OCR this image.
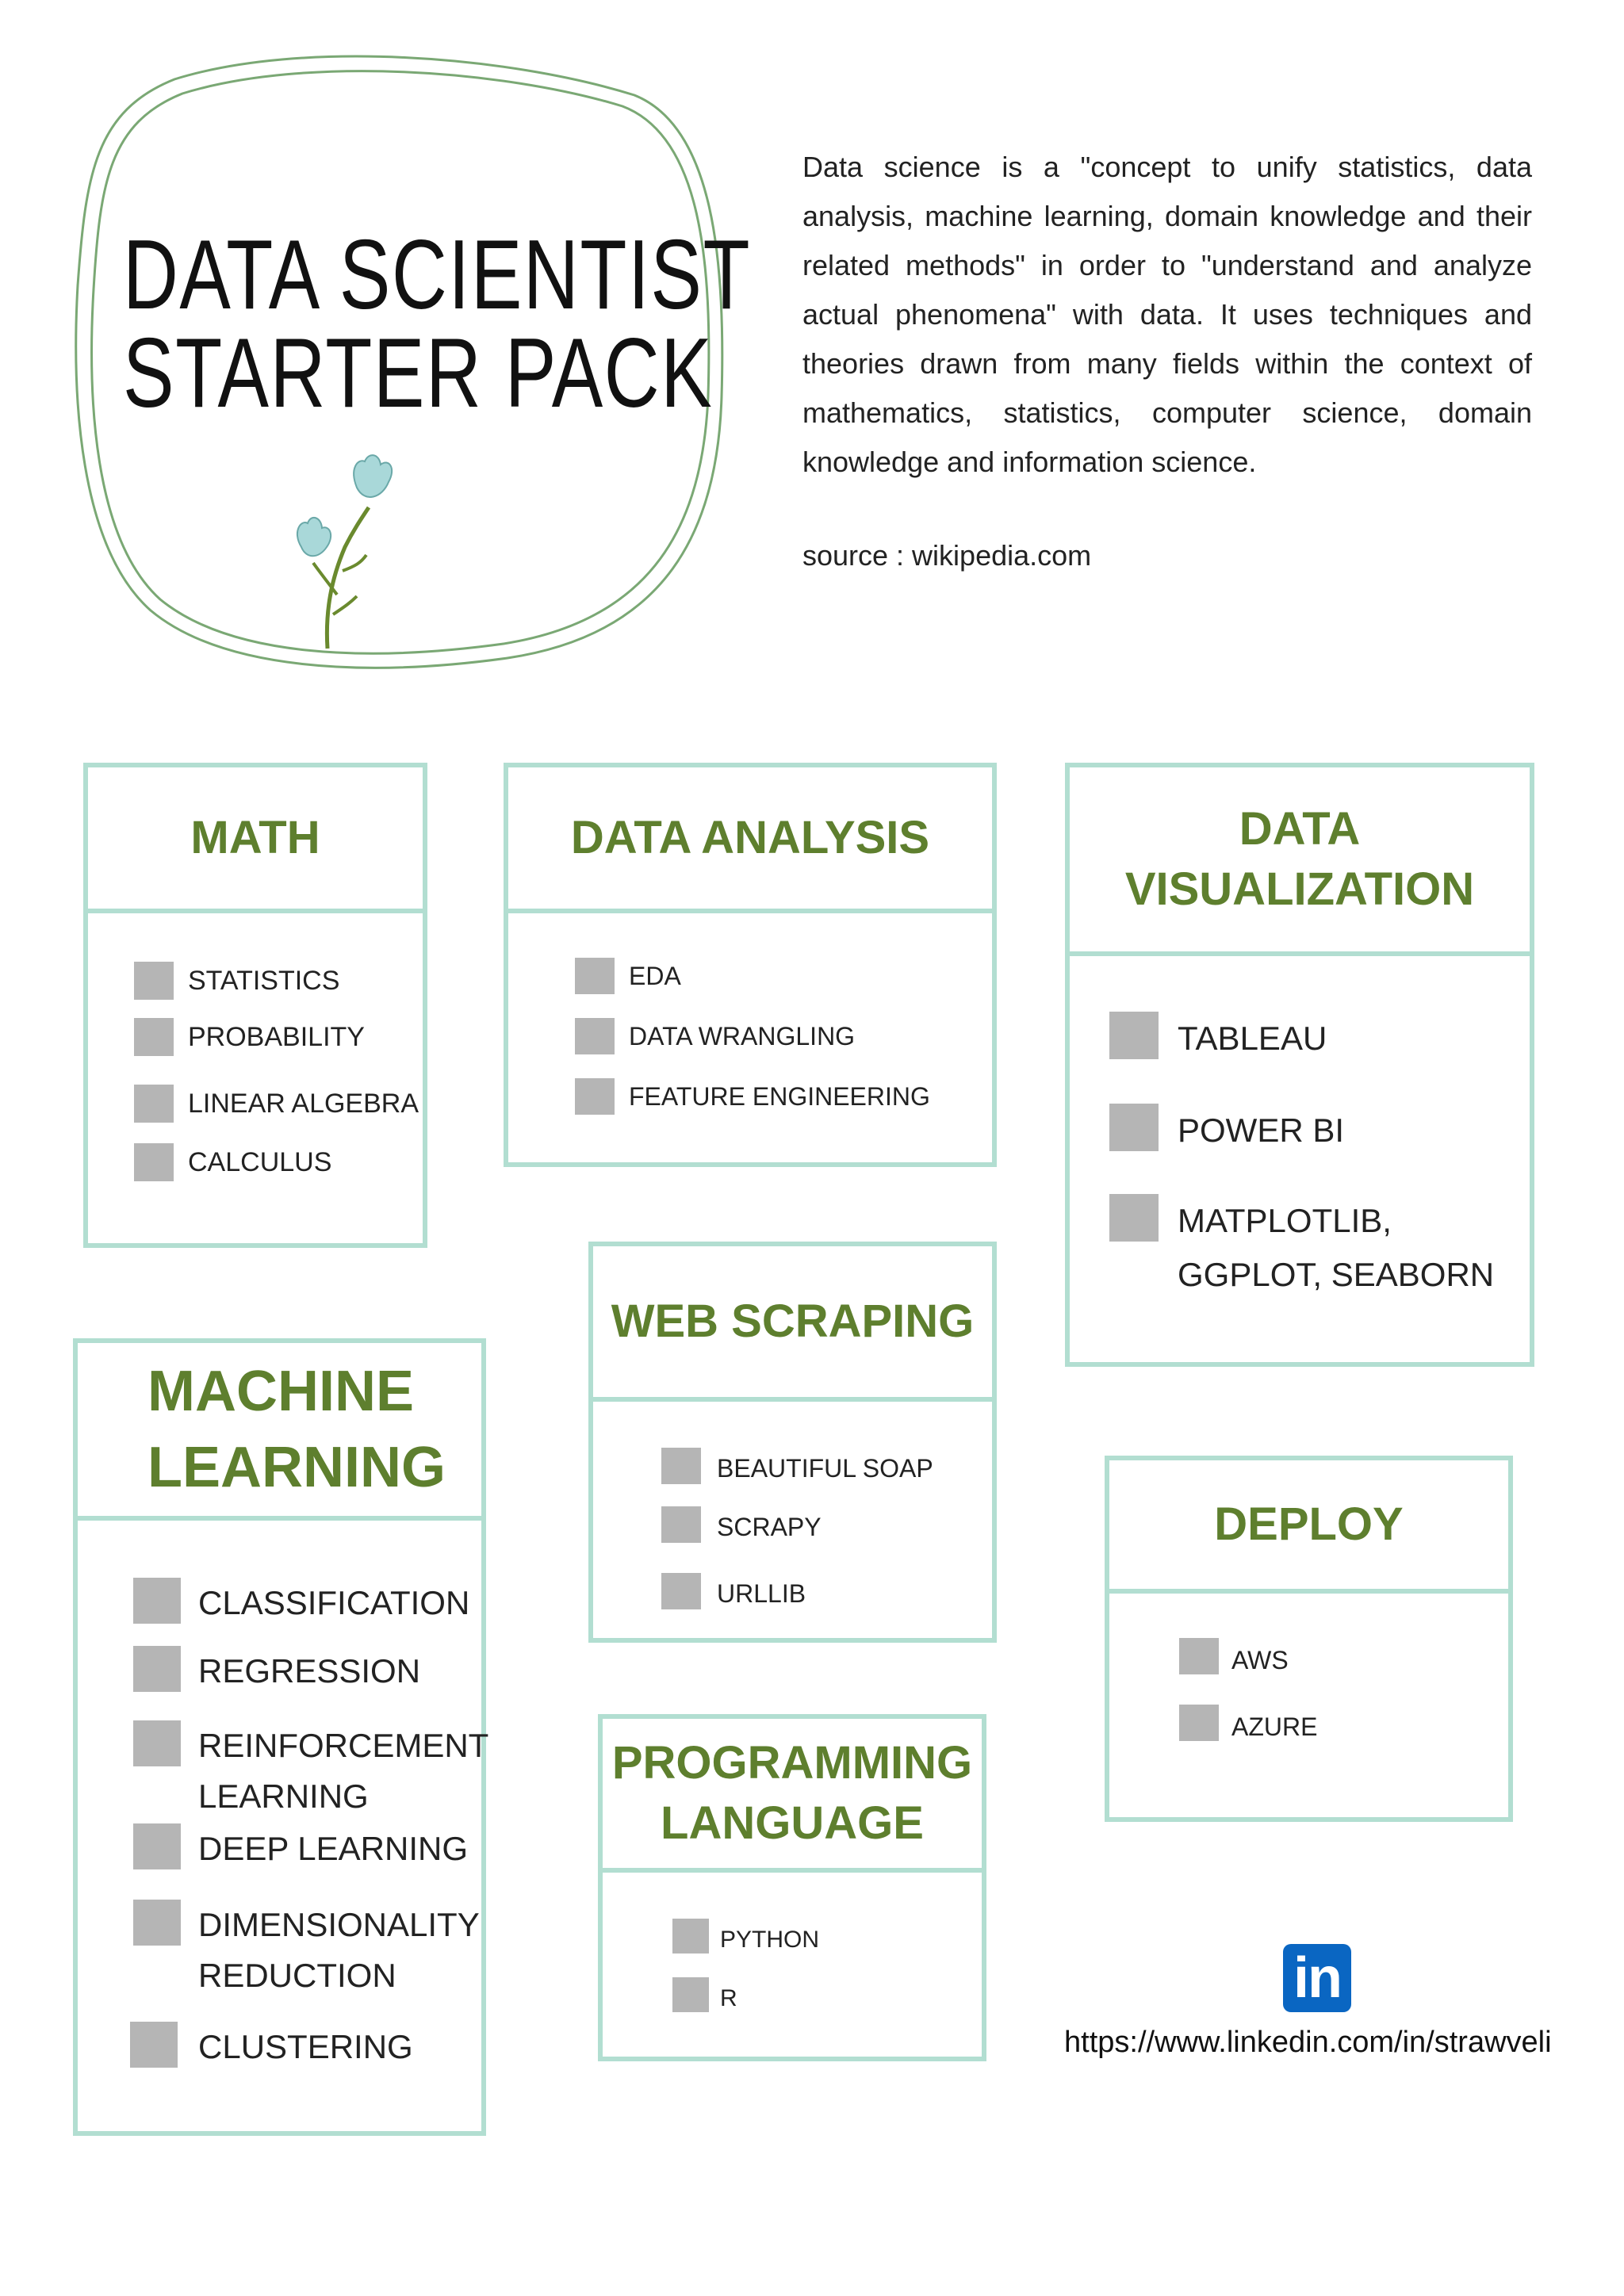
DATA SCIENTIST
STARTER PACK
Data science is a "concept to unify statistics, data analysis, machine learning, domain knowledge and their related methods" in order to "understand and analyze actual phenomena" with data. It uses techniques and theories drawn from many fields within the context of mathematics, statistics, computer science, domain knowledge and information science.
source : wikipedia.com
MATH
STATISTICS
PROBABILITY
LINEAR ALGEBRA
CALCULUS
DATA ANALYSIS
EDA
DATA WRANGLING
FEATURE ENGINEERING
DATA
VISUALIZATION
TABLEAU
POWER BI
MATPLOTLIB,
GGPLOT, SEABORN
WEB SCRAPING
BEAUTIFUL SOAP
SCRAPY
URLLIB
MACHINE
LEARNING
CLASSIFICATION
REGRESSION
REINFORCEMENT
LEARNING
DEEP LEARNING
DIMENSIONALITY
REDUCTION
CLUSTERING
DEPLOY
AWS
AZURE
PROGRAMMING
LANGUAGE
PYTHON
R	in
https://www.linkedin.com/in/strawveli
